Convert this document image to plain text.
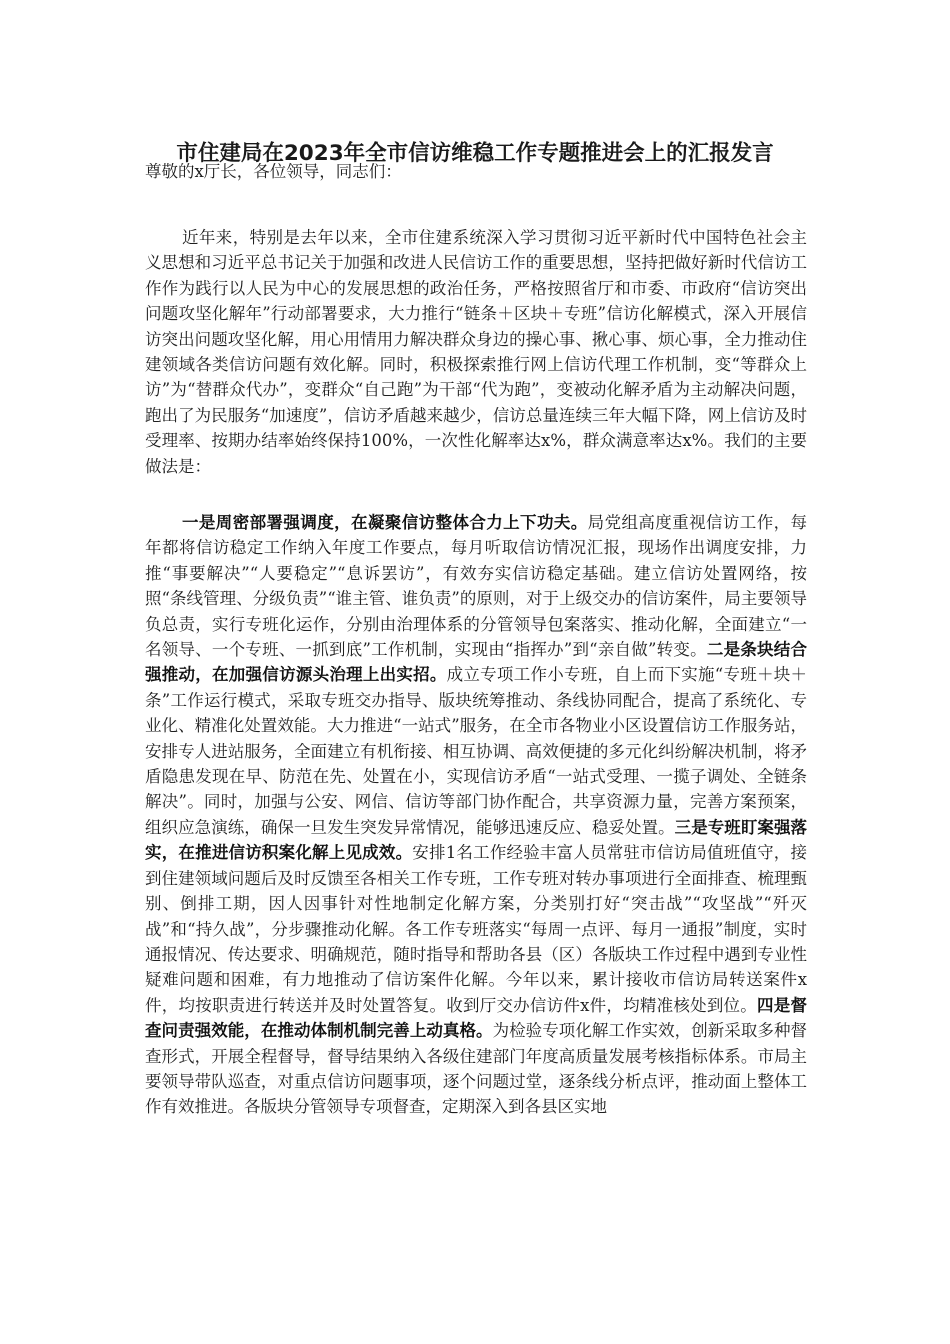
市住建局在2023年全市信访维稳工作专题推进会上的汇报发言

尊敬的x厅长，各位领导，同志们：

近年来，特别是去年以来，全市住建系统深入学习贯彻习近平新时代中国特色社会主义思想和习近平总书记关于加强和改进人民信访工作的重要思想，坚持把做好新时代信访工作作为践行以人民为中心的发展思想的政治任务，严格按照省厅和市委、市政府“信访突出问题攻坚化解年”行动部署要求，大力推行“链条＋区块＋专班”信访化解模式，深入开展信访突出问题攻坚化解，用心用情用力解决群众身边的操心事、揪心事、烦心事，全力推动住建领域各类信访问题有效化解。同时，积极探索推行网上信访代理工作机制，变“等群众上访”为“替群众代办”，变群众“自己跑”为干部“代为跑”，变被动化解矛盾为主动解决问题，跑出了为民服务“加速度”，信访矛盾越来越少，信访总量连续三年大幅下降，网上信访及时受理率、按期办结率始终保持100%，一次性化解率达x%，群众满意率达x%。我们的主要做法是：

一是周密部署强调度，在凝聚信访整体合力上下功夫。局党组高度重视信访工作，每年都将信访稳定工作纳入年度工作要点，每月听取信访情况汇报，现场作出调度安排，力推“事要解决”“人要稳定”“息诉罢访”，有效夯实信访稳定基础。建立信访处置网络，按照“条线管理、分级负责”“谁主管、谁负责”的原则，对于上级交办的信访案件，局主要领导负总责，实行专班化运作，分别由治理体系的分管领导包案落实、推动化解，全面建立“一名领导、一个专班、一抓到底”工作机制，实现由“指挥办”到“亲自做”转变。二是条块结合强推动，在加强信访源头治理上出实招。成立专项工作小专班，自上而下实施“专班＋块＋条”工作运行模式，采取专班交办指导、版块统筹推动、条线协同配合，提高了系统化、专业化、精准化处置效能。大力推进“一站式”服务，在全市各物业小区设置信访工作服务站，安排专人进站服务，全面建立有机衔接、相互协调、高效便捷的多元化纠纷解决机制，将矛盾隐患发现在早、防范在先、处置在小，实现信访矛盾“一站式受理、一揽子调处、全链条解决”。同时，加强与公安、网信、信访等部门协作配合，共享资源力量，完善方案预案，组织应急演练，确保一旦发生突发异常情况，能够迅速反应、稳妥处置。三是专班盯案强落实，在推进信访积案化解上见成效。安排1名工作经验丰富人员常驻市信访局值班值守，接到住建领域问题后及时反馈至各相关工作专班，工作专班对转办事项进行全面排查、梳理甄别、倒排工期，因人因事针对性地制定化解方案，分类别打好“突击战”“攻坚战”“歼灭战”和“持久战”，分步骤推动化解。各工作专班落实“每周一点评、每月一通报”制度，实时通报情况、传达要求、明确规范，随时指导和帮助各县（区）各版块工作过程中遇到专业性疑难问题和困难，有力地推动了信访案件化解。今年以来，累计接收市信访局转送案件x件，均按职责进行转送并及时处置答复。收到厅交办信访件x件，均精准核处到位。四是督查问责强效能，在推动体制机制完善上动真格。为检验专项化解工作实效，创新采取多种督查形式，开展全程督导，督导结果纳入各级住建部门年度高质量发展考核指标体系。市局主要领导带队巡查，对重点信访问题事项，逐个问题过堂，逐条线分析点评，推动面上整体工作有效推进。各版块分管领导专项督查，定期深入到各县区实地
